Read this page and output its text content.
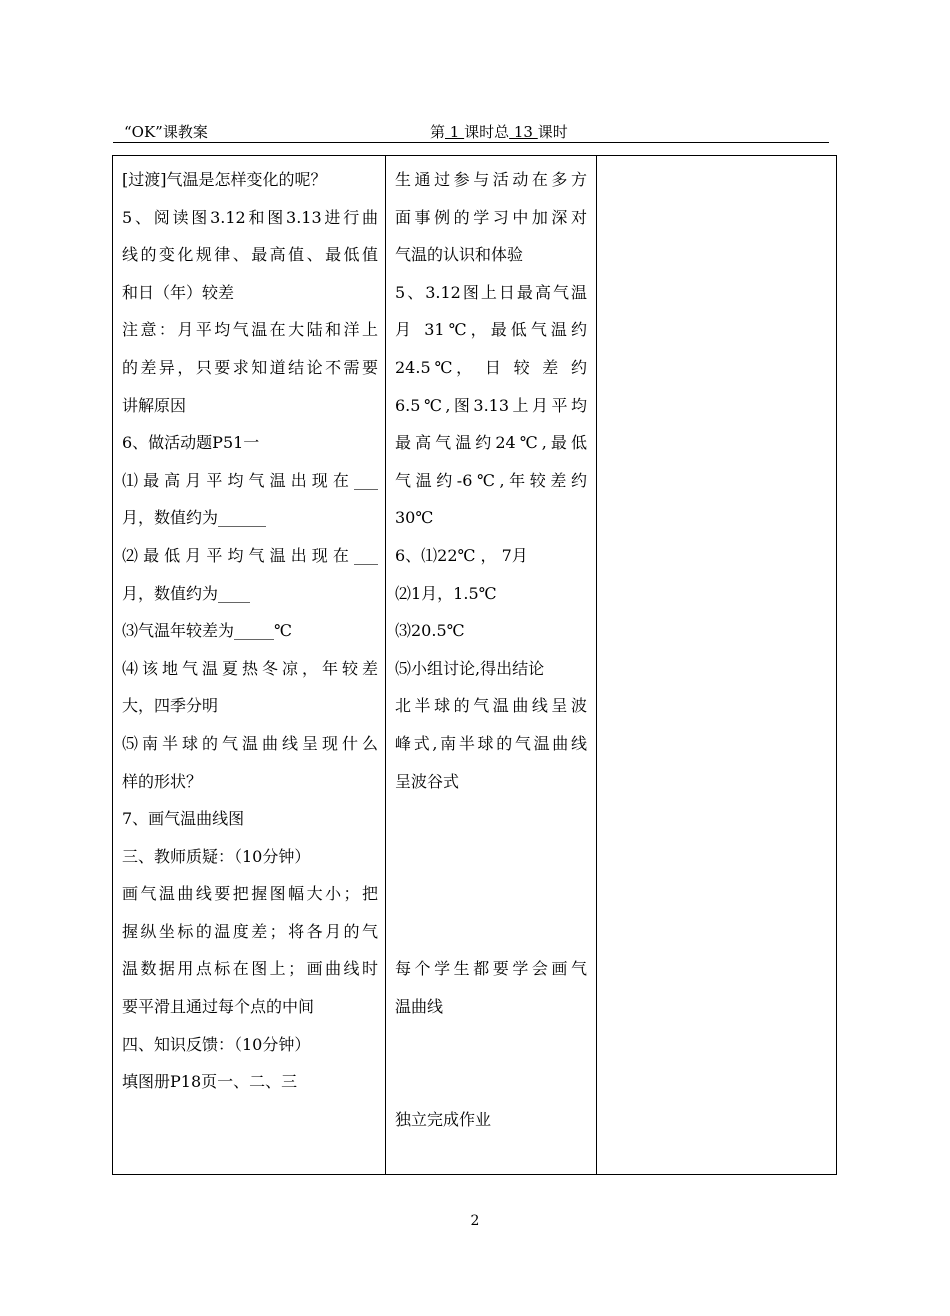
“OK”课教案	第 1 课时总 13 课时
[过渡]气温是怎样变化的呢？
5、阅读图3.12和图3.13进行曲
线的变化规律、最高值、最低值
和日（年）较差
注意：月平均气温在大陆和洋上
的差异，只要求知道结论不需要
讲解原因
6、做活动题P51一
⑴最高月平均气温出现在___
月，数值约为______
⑵最低月平均气温出现在___
月，数值约为____
⑶气温年较差为_____℃
⑷该地气温夏热冬凉，年较差
大，四季分明
⑸南半球的气温曲线呈现什么
样的形状？
7、画气温曲线图
三、教师质疑：（10分钟）
画气温曲线要把握图幅大小；把
握纵坐标的温度差；将各月的气
温数据用点标在图上；画曲线时
要平滑且通过每个点的中间
四、知识反馈：（10分钟）
填图册P18页一、二、三
生通过参与活动在多方
面事例的学习中加深对
气温的认识和体验
5、3.12图上日最高气温
月 31℃，最低气温约
24.5℃， 日 较 差 约
6.5℃,图3.13上月平均
最高气温约24℃,最低
气温约-6℃,年较差约
30℃
6、⑴22℃ ， 7月
⑵1月，1.5℃
⑶20.5℃
⑸小组讨论,得出结论
北半球的气温曲线呈波
峰式,南半球的气温曲线
呈波谷式
每个学生都要学会画气
温曲线
独立完成作业
2
